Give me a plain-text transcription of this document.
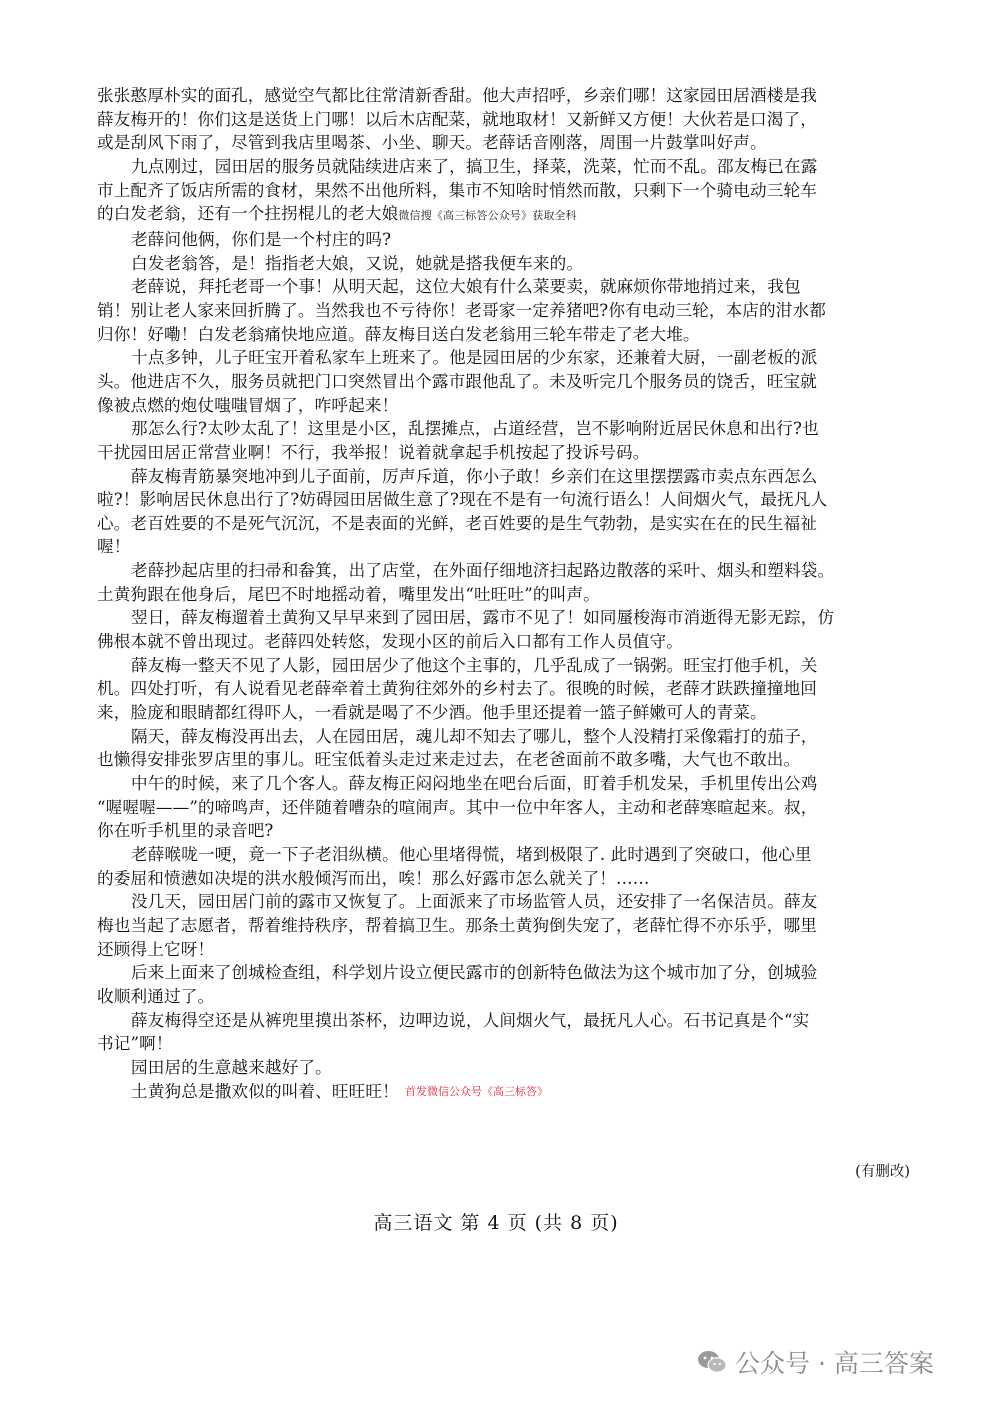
张张憨厚朴实的面孔，感觉空气都比往常清新香甜。他大声招呼，乡亲们哪！这家园田居酒楼是我
薛友梅开的！你们这是送货上门哪！以后木店配菜，就地取材！又新鲜又方便！大伙若是口渴了，
或是刮风下雨了，尽管到我店里喝茶、小坐、聊天。老薛话音刚落，周围一片鼓掌叫好声。
九点刚过，园田居的服务员就陆续进店来了，搞卫生，择菜，洗菜，忙而不乱。邵友梅已在露
市上配齐了饭店所需的食材，果然不出他所料，集市不知啥时悄然而散，只剩下一个骑电动三轮车
的白发老翁，还有一个拄拐棍儿的老大娘微信搜《高三标答公众号》获取全科
老薛问他俩，你们是一个村庄的吗?
白发老翁答，是！指指老大娘，又说，她就是搭我便车来的。
老薛说，拜托老哥一个事！从明天起，这位大娘有什么菜要卖，就麻烦你带地捎过来，我包
销！别让老人家来回折腾了。当然我也不亏待你！老哥家一定养猪吧?你有电动三轮，本店的泔水都
归你！好嘞！白发老翁痛快地应道。薛友梅目送白发老翁用三轮车带走了老大堆。
十点多钟，儿子旺宝开着私家车上班来了。他是园田居的少东家，还兼着大厨，一副老板的派
头。他进店不久，服务员就把门口突然冒出个露市跟他乱了。未及听完几个服务员的饶舌，旺宝就
像被点燃的炮仗嗤嗤冒烟了，咋呼起来！
那怎么行?太吵太乱了！这里是小区，乱摆摊点，占道经营，岂不影响附近居民休息和出行?也
干扰园田居正常营业啊！不行，我举报！说着就拿起手机按起了投诉号码。
薛友梅青筋暴突地冲到儿子面前，厉声斥道，你小子敢！乡亲们在这里摆摆露市卖点东西怎么
啦?！影响居民休息出行了?妨碍园田居做生意了?现在不是有一句流行语么！人间烟火气，最抚凡人
心。老百姓要的不是死气沉沉，不是表面的光鲜，老百姓要的是生气勃勃，是实实在在的民生福祉
喔！
老薛抄起店里的扫帚和畚箕，出了店堂，在外面仔细地济扫起路边散落的采叶、烟头和塑料袋。
土黄狗跟在他身后，尾巴不时地摇动着，嘴里发出“吐旺吐”的叫声。
翌日，薛友梅遛着土黄狗又早早来到了园田居，露市不见了！如同蜃梭海市消逝得无影无踪，仿
佛根本就不曾出现过。老薛四处转悠，发现小区的前后入口都有工作人员值守。
薛友梅一整天不见了人影，园田居少了他这个主事的，几乎乱成了一锅粥。旺宝打他手机，关
机。四处打听，有人说看见老薛牵着土黄狗往郊外的乡村去了。很晚的时候，老薛才趺跌撞撞地回
来，脸庞和眼睛都红得吓人，一看就是喝了不少酒。他手里还提着一篮子鲜嫩可人的青菜。
隔天，薛友梅没再出去，人在园田居，魂儿却不知去了哪儿，整个人没精打采像霜打的茄子，
也懒得安排张罗店里的事儿。旺宝低着头走过来走过去，在老爸面前不敢多嘴，大气也不敢出。
中午的时候，来了几个客人。薛友梅正闷闷地坐在吧台后面，盯着手机发呆，手机里传出公鸡
“喔喔喔——”的啼鸣声，还伴随着嘈杂的喧闹声。其中一位中年客人，主动和老薛寒暄起来。叔，
你在听手机里的录音吧?
老薛喉咙一哽，竟一下子老泪纵横。他心里堵得慌，堵到极限了. 此时遇到了突破口，他心里
的委屈和愤懑如决堤的洪水般倾泻而出，唉！那么好露市怎么就关了！……
没几天，园田居门前的露市又恢复了。上面派来了市场监管人员，还安排了一名保洁员。薛友
梅也当起了志愿者，帮着维持秩序，帮着搞卫生。那条土黄狗倒失宠了，老薛忙得不亦乐乎，哪里
还顾得上它呀！
后来上面来了创城检查组，科学划片设立便民露市的创新特色做法为这个城市加了分，创城验
收顺利通过了。
薛友梅得空还是从裤兜里摸出茶杯，边呷边说，人间烟火气，最抚凡人心。石书记真是个“实
书记”啊！
园田居的生意越来越好了。
土黄狗总是撒欢似的叫着、旺旺旺！ 首发微信公众号《高三标答》
(有删改)
高三语文 第 4 页 (共 8 页)
公众号 · 高三答案
